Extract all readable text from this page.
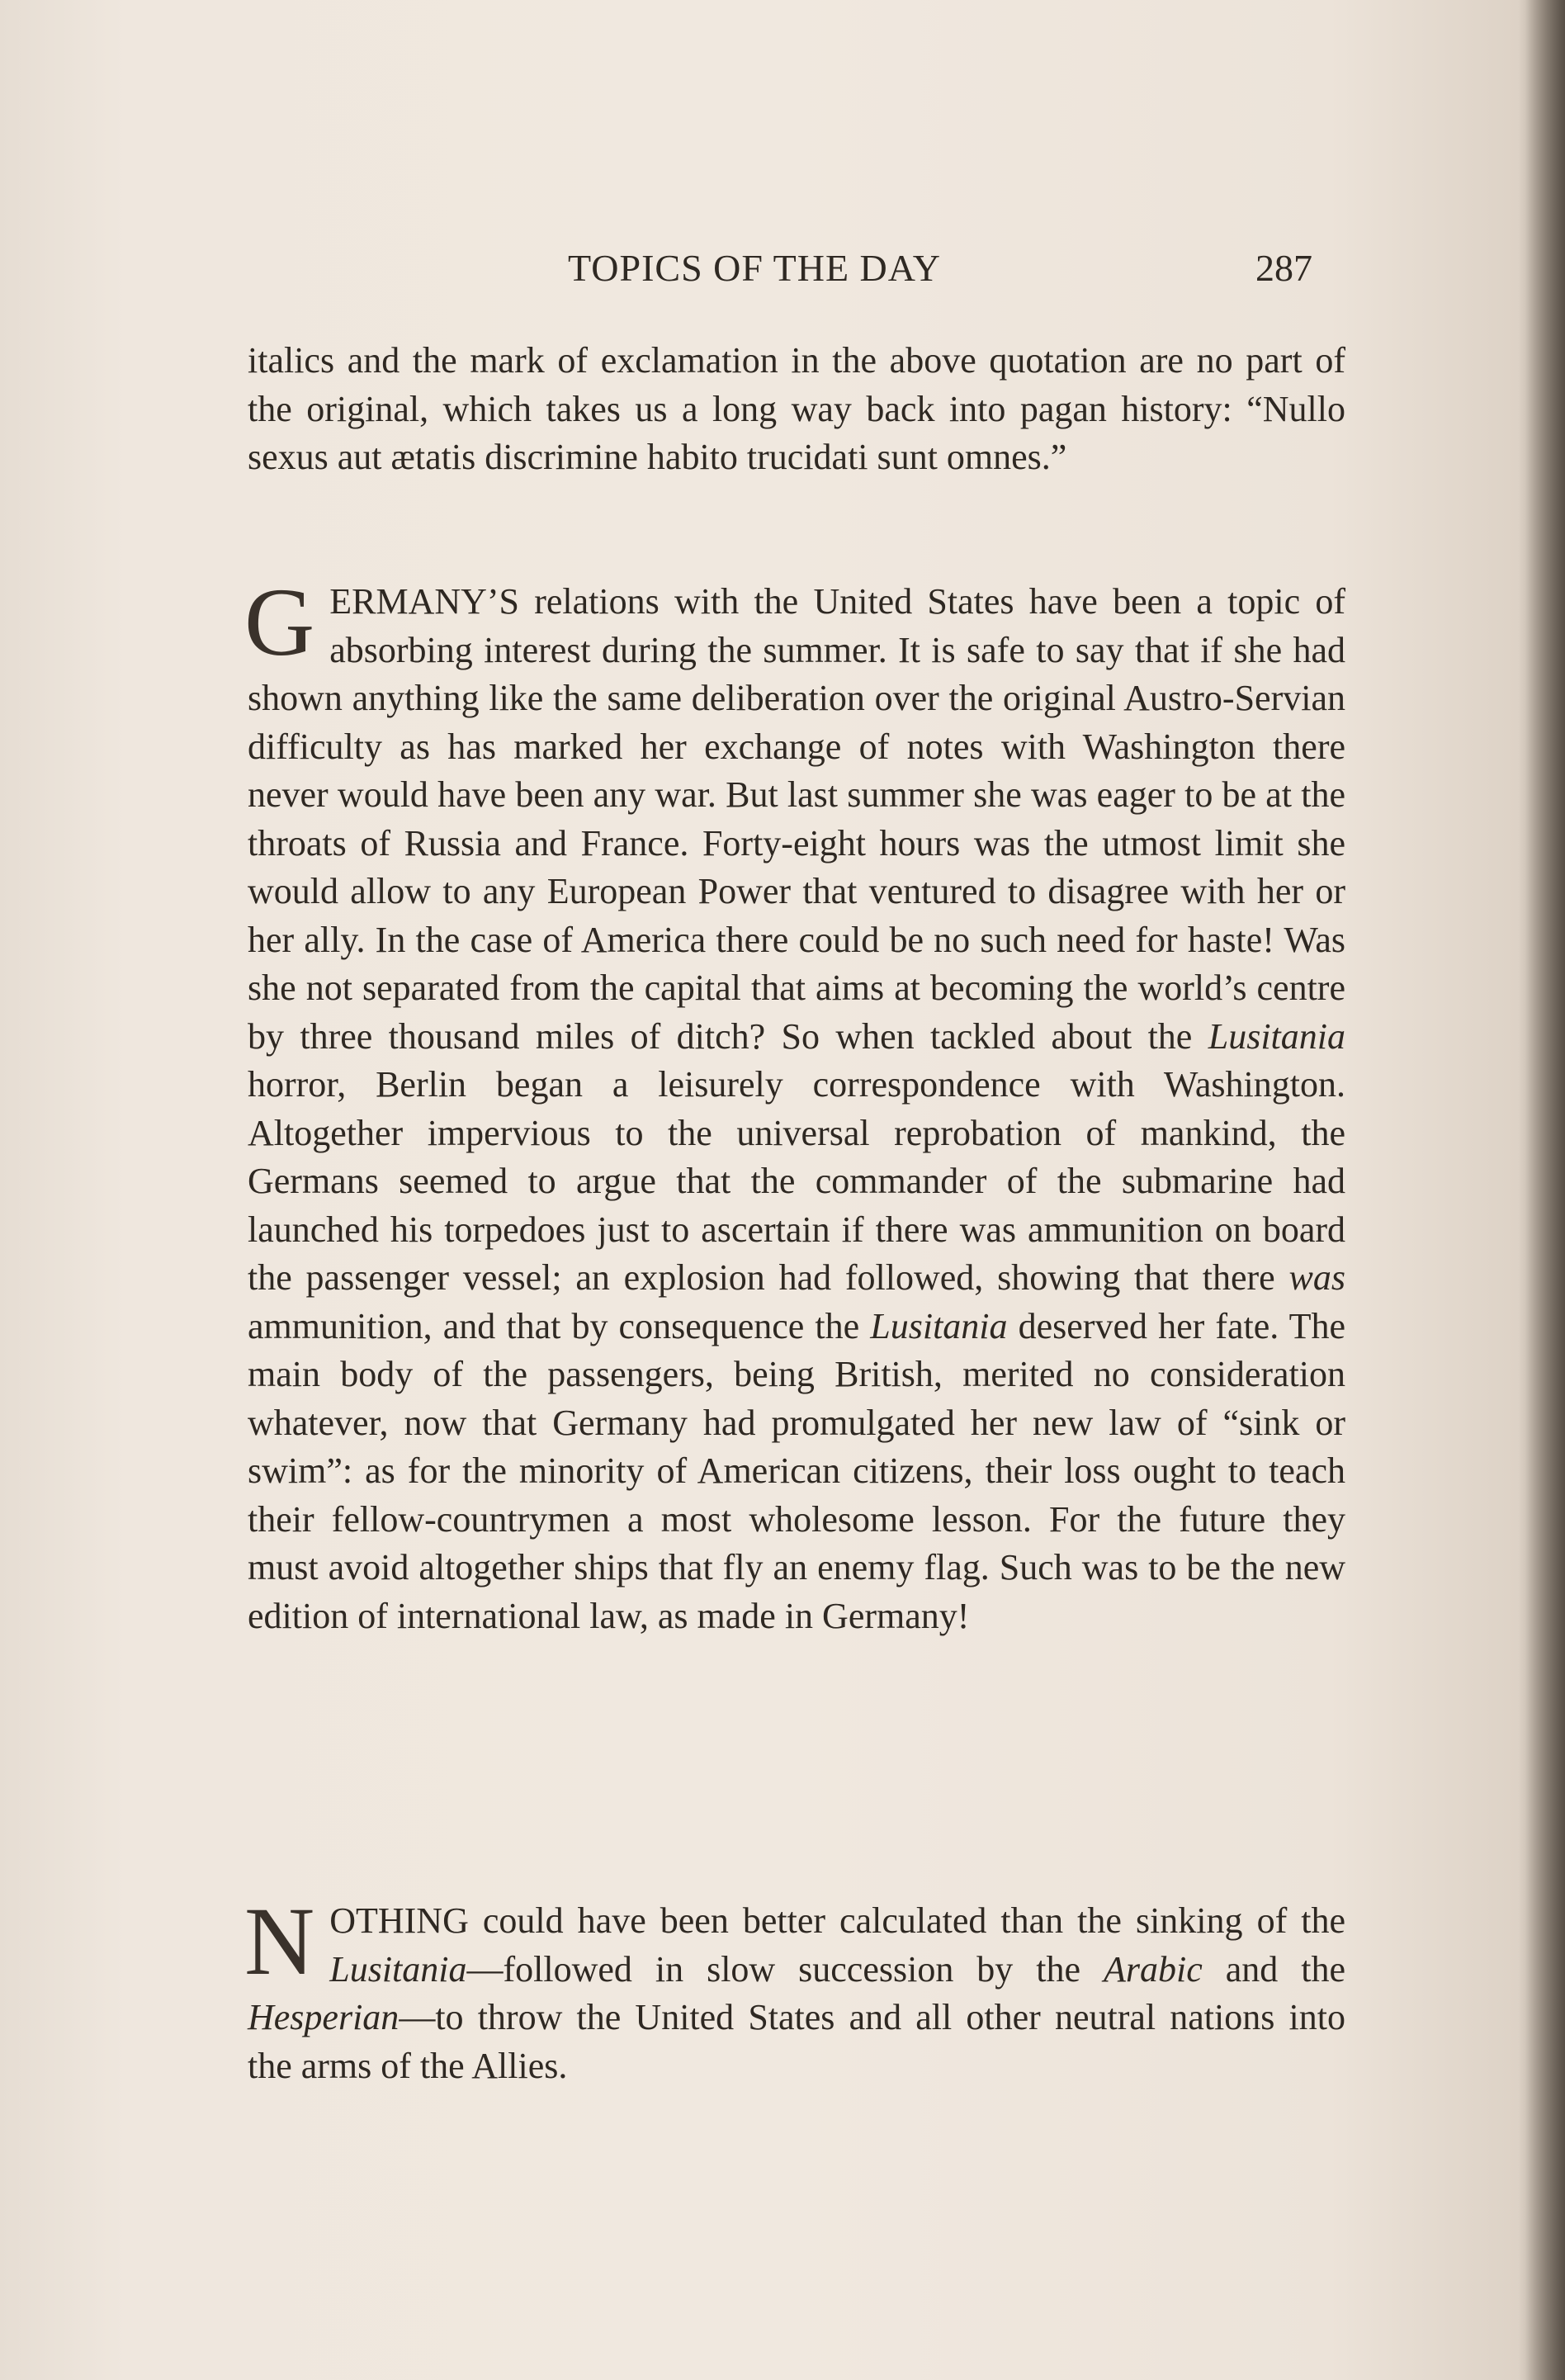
TOPICS OF THE DAY	287
italics and the mark of exclamation in the above quotation are no part of the original, which takes us a long way back into pagan history: “Nullo sexus aut ætatis discrimine habito trucidati sunt omnes.”
G ERMANY’S relations with the United States have been a topic of absorbing interest during the summer. It is safe to say that if she had shown anything like the same deliberation over the original Austro-Servian difficulty as has marked her exchange of notes with Washington there never would have been any war. But last summer she was eager to be at the throats of Russia and France. Forty-eight hours was the utmost limit she would allow to any European Power that ventured to disagree with her or her ally. In the case of America there could be no such need for haste! Was she not separated from the capital that aims at becoming the world’s centre by three thousand miles of ditch? So when tackled about the Lusitania horror, Berlin began a leisurely correspondence with Washington. Altogether impervious to the universal reprobation of mankind, the Germans seemed to argue that the commander of the submarine had launched his torpedoes just to ascertain if there was ammunition on board the passenger vessel; an explosion had followed, showing that there was ammunition, and that by consequence the Lusitania deserved her fate. The main body of the passengers, being British, merited no consideration whatever, now that Germany had promulgated her new law of “sink or swim”: as for the minority of American citizens, their loss ought to teach their fellow-countrymen a most wholesome lesson. For the future they must avoid altogether ships that fly an enemy flag. Such was to be the new edition of international law, as made in Germany!
N OTHING could have been better calculated than the sinking of the Lusitania—followed in slow succession by the Arabic and the Hesperian—to throw the United States and all other neutral nations into the arms of the Allies.
